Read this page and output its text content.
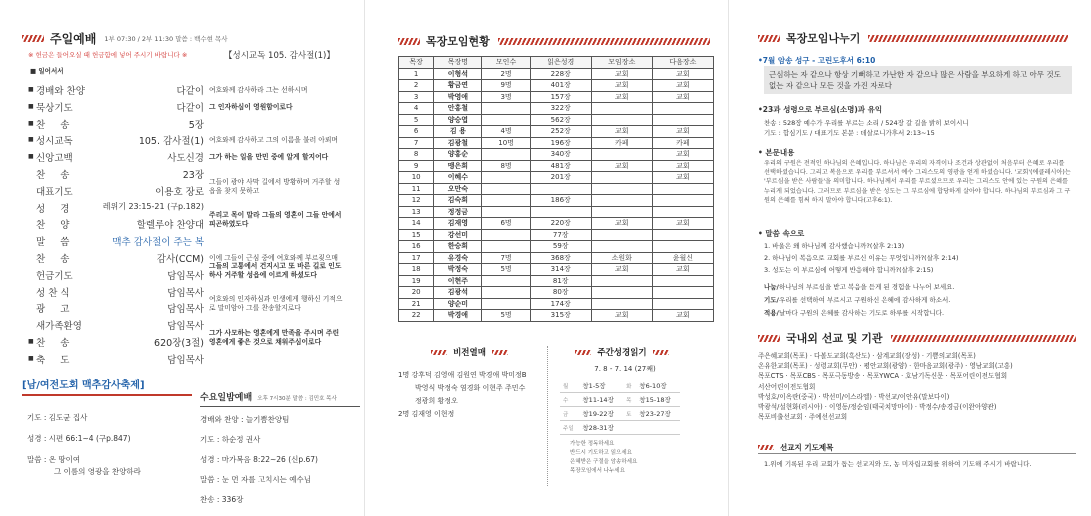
주일예배 1부 07:30 / 2부 11:30 말씀 : 백수현 목사
※ 헌금은 들어오실 때 헌금함에 넣어 주시기 바랍니다 ※	【성시교독 105. 감사절(1)】
■ 일어서서
■ 경배와 찬양	다같이
■ 묵상기도	다같이
■ 찬     송	5장
■ 성시교독	105. 감사절(1)
■ 신앙고백	사도신경
찬     송	23장
대표기도	이용호 장로
성     경	레위기 23:15-21 (구p.182)
찬     양	할렐루야 찬양대
말     씀	맥추 감사절이 주는 복
찬     송	감사(CCM)
헌금기도	담임목사
성 찬 식	담임목사
광     고	담임목사
새가족환영	담임목사
■ 찬     송	620장(3절)
■ 축     도	담임목사
여호와께 감사하라 그는 선하시며
그 인자하심이 영원함이로다
여호와께 감사하고 그의 이름을 불러 아뢰며
그가 하는 일을 만민 중에 알게 할지어다
이에 그들이 근심 중에 여호와께 부르짖으매
그들이 광야 사막 길에서 방황하며 거주할 성읍을 찾지 못하고
주리고 목이 말라 그들의 영혼이 그들 안에서 피곤하였도다
그들의 고통에서 건지시고 또 바른 길로 인도하사 거주할 성읍에 이르게 하셨도다
여호와의 인자하심과 인생에게 행하신 기적으로 말미암아 그를 찬송할지로다
그가 사모하는 영혼에게 만족을 주시며 주린 영혼에게 좋은 것으로 채워주심이로다
[남/여전도회 맥추감사축제]
기도 : 김도균 집사
성경 : 시편 66:1~4 (구p.847)
말씀 : 온 땅이여
그 이름의 영광을 찬양하라
수요일밤예배 오후 7시30분 말씀 : 김민호 목사
경배와 찬양 : 늘기쁨찬양팀
기도 : 하순정 권사
성경 : 마가복음 8:22~26 (신p.67)
말씀 : 눈 먼 자를 고치시는 예수님
찬송 : 336장
목장모임현황
목장	목장명	모인수	읽은성경	모임장소	다음장소
1	이형석	2명	228장	교회	교회
2	황금연	9명	401장	교회	교회
3	박영애	3명	157장	교회	교회
4	안홍철		322장		
5	양승엽		562장		
6	김 용	4명	252장	교회	교회
7	김광철	10명	196장	카페	카페
8	양홍순		340장		교회
9	맹은희	8명	481장	교회	교회
10	이혜수		201장		교회
11	오만숙				
12	김숙희		186장		
13	정정금				
14	김재영	6명	220장	교회	교회
15	강선미		77장		
16	한승희		59장		
17	유경숙	7명	368장	소원화	윤월신
18	박정숙	5명	314장	교회	교회
19	이현주		81장		
20	김광석		80장		
21	양순미		174장		
22	박경애	5명	315장	교회	교회
비전열매
1명 강후덕 김영애 김원연 박경애 박미정B
박영식 박정숙 염경화 이현주 주민수
정광희 황정오
2명 김재영 이현정
주간성경읽기
7. 8 - 7. 14 (27째)
월	창1-5장	화	창6-10장
수	창11-14장	목	창15-18장
금	창19-22장	토	창23-27장
주일	창28-31장		
가능한 정독하세요
반드시 기도하고 읽으세요
은혜받은 구절을 암송하세요
목장모임에서 나누세요
목장모임나누기
•7월 암송 성구 - 고린도후서 6:10
근심하는 자 같으나 항상 기뻐하고 가난한 자 같으나 많은 사람을 부요하게 하고 아무 것도 없는 자 같으나 모든 것을 가진 자로다
•23과 성령으로 부르심(소명)과 유익
찬송 : 528장 예수가 우리를 부르는 소리 / 524장 갈 길을 밝히 보이시니
기도 : 합심기도 / 대표기도 본문 : 데살로니가후서 2:13~15
• 본문내용
우리의 구원은 전적인 하나님의 은혜입니다. 하나님은 우리의 자격이나 조건과 상관없이 처음부터 은혜로 우리를 선택하셨습니다. 그리고 복음으로 우리를 부르셔서 예수 그리스도의 영광을 얻게 하셨습니다. '교회'(에클레시아)는 '부르심을 받은 사람들'을 의미합니다. 하나님께서 우리를 부르셨으므로 우리는 그리스도 안에 있는 구원의 은혜를 누리게 되었습니다. 그러므로 부르심을 받은 성도는 그 부르심에 합당하게 살아야 합니다. 하나님의 부르심과 그 구원의 은혜를 힘써 하지 말아야 합니다(고후6:1).
• 말씀 속으로
1. 바울은 왜 하나님께 감사했습니까?(살후 2:13)
2. 하나님이 복음으로 교회를 부르신 이유는 무엇입니까?(살후 2:14)
3. 성도는 이 부르심에 어떻게 반응해야 합니까?(살후 2:15)
나눔/하나님의 부르심을 받고 복음을 듣게 된 경험을 나누어 보세요.
기도/우리를 선택하여 부르시고 구원하신 은혜에 감사하게 하소서.
적용/날마다 구원의 은혜를 감사하는 기도로 하루를 시작합니다.
국내외 선교 및 기관
주은혜교회(목포) · 다볼도교회(흑산도) · 삼계교회(장성) · 기쁨의교회(목포)
온유한교회(목포) · 성령교회(무안) · 평안교회(광양) · 한마음교회(광주) · 영남교회(고흥)
목포CTS · 목포CBS · 목포극동방송 · 목포YWCA · 호남기독신문 · 목포어린이전도협회
서산어린이전도협회
박성호/이옥란(중국) · 박선미/이스라엘) · 박선교/이안유(말보다이)
박광석/설현화(러시아) · 이영동/정순임(태국치망마이) · 박정수/송경금(이완아양관)
목포비출선교회 · 주예선선교회
선교지 기도제목
1.위에 기록된 우리 교회가 돕는 선교지와 도, 농 미자립교회를 위하여 기도해 주시기 바랍니다.
